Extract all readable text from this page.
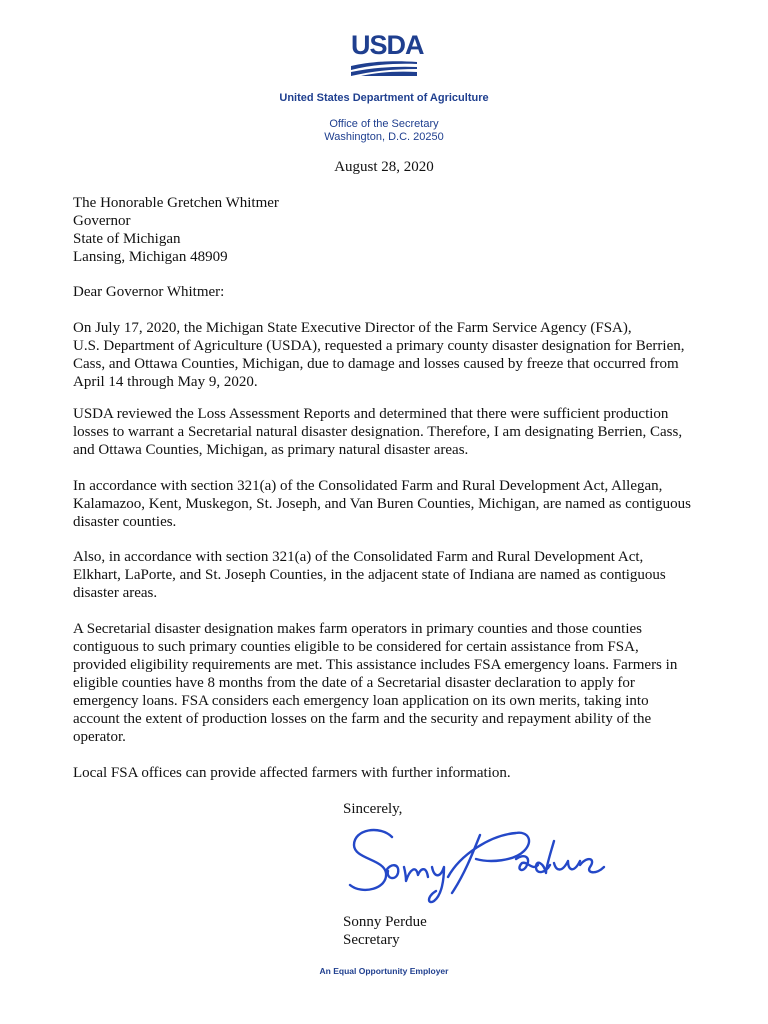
USDA
United States Department of Agriculture
Office of the Secretary
Washington, D.C. 20250
August 28, 2020
The Honorable Gretchen Whitmer
Governor
State of Michigan
Lansing, Michigan 48909
Dear Governor Whitmer:
On July 17, 2020, the Michigan State Executive Director of the Farm Service Agency (FSA),
U.S. Department of Agriculture (USDA), requested a primary county disaster designation for Berrien,
Cass, and Ottawa Counties, Michigan, due to damage and losses caused by freeze that occurred from
April 14 through May 9, 2020.
USDA reviewed the Loss Assessment Reports and determined that there were sufficient production
losses to warrant a Secretarial natural disaster designation. Therefore, I am designating Berrien, Cass,
and Ottawa Counties, Michigan, as primary natural disaster areas.
In accordance with section 321(a) of the Consolidated Farm and Rural Development Act, Allegan,
Kalamazoo, Kent, Muskegon, St. Joseph, and Van Buren Counties, Michigan, are named as contiguous
disaster counties.
Also, in accordance with section 321(a) of the Consolidated Farm and Rural Development Act,
Elkhart, LaPorte, and St. Joseph Counties, in the adjacent state of Indiana are named as contiguous
disaster areas.
A Secretarial disaster designation makes farm operators in primary counties and those counties
contiguous to such primary counties eligible to be considered for certain assistance from FSA,
provided eligibility requirements are met. This assistance includes FSA emergency loans. Farmers in
eligible counties have 8 months from the date of a Secretarial disaster declaration to apply for
emergency loans. FSA considers each emergency loan application on its own merits, taking into
account the extent of production losses on the farm and the security and repayment ability of the
operator.
Local FSA offices can provide affected farmers with further information.
Sincerely,
Sonny Perdue
Secretary
An Equal Opportunity Employer
